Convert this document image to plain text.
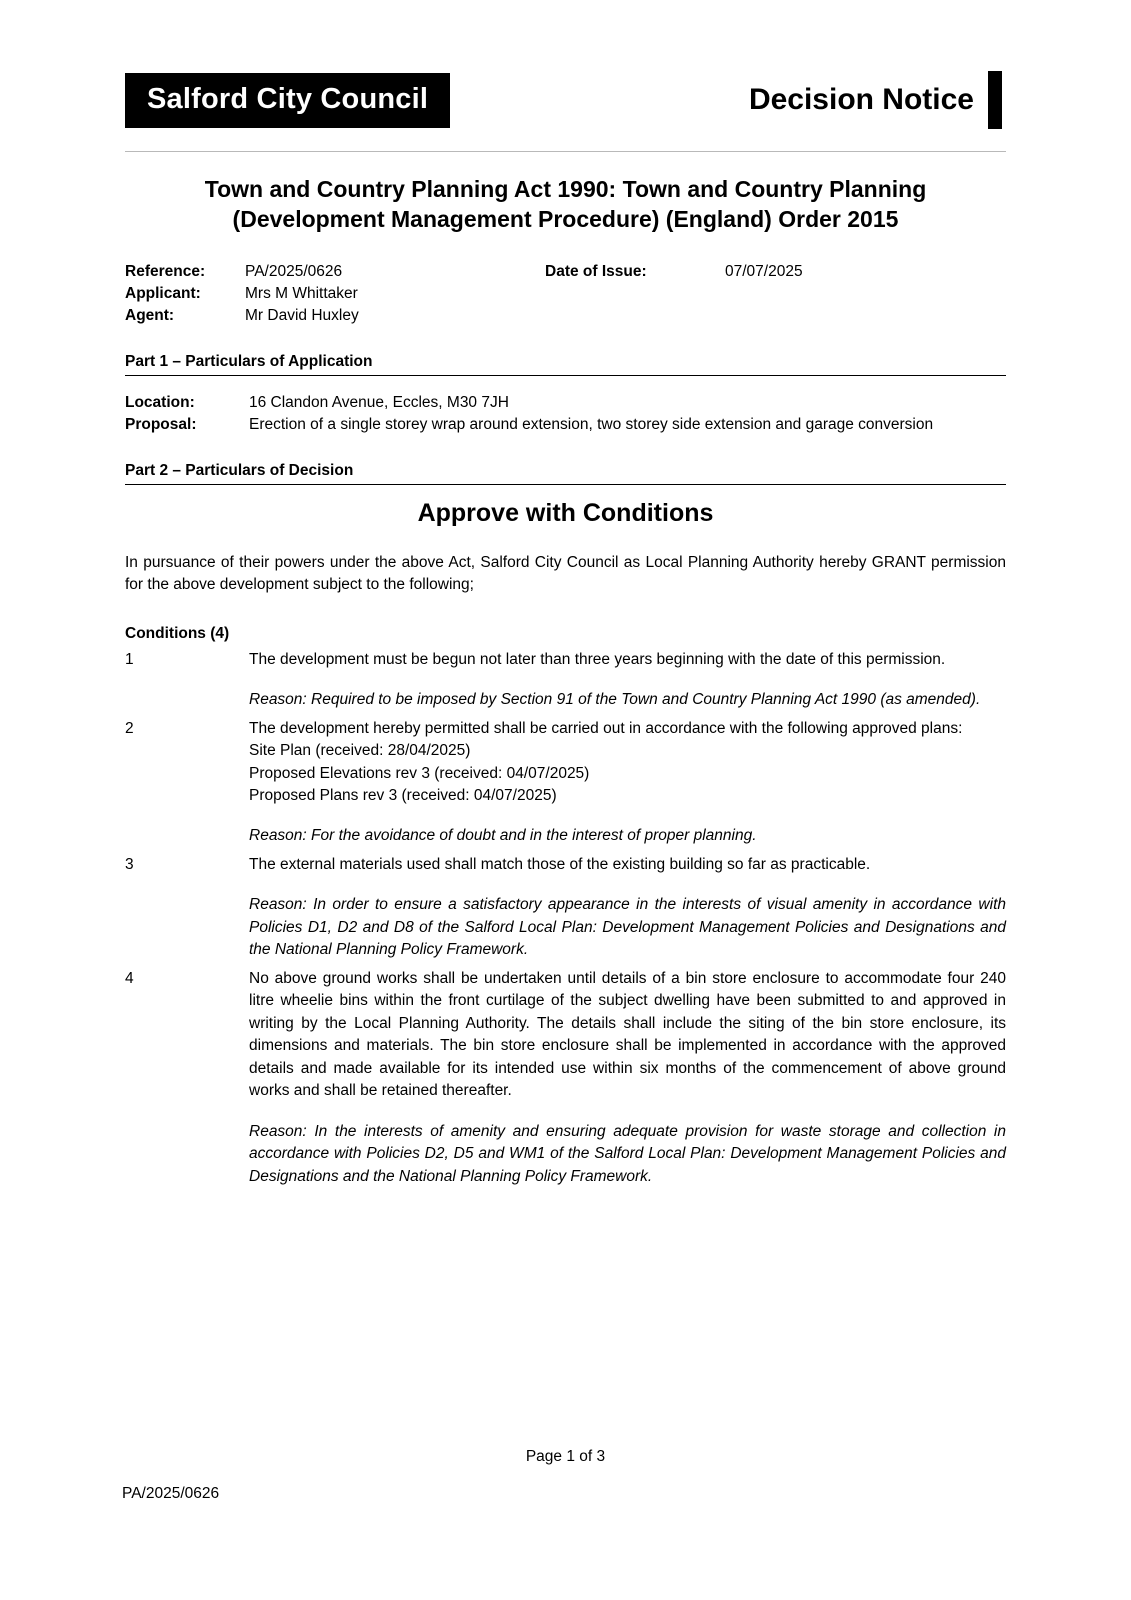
Salford City Council	Decision Notice
Town and Country Planning Act 1990: Town and Country Planning (Development Management Procedure) (England) Order 2015
Reference:	PA/2025/0626	Date of Issue:	07/07/2025
Applicant:	Mrs M Whittaker
Agent:	Mr David Huxley
Part 1 – Particulars of Application
Location:	16 Clandon Avenue, Eccles, M30 7JH
Proposal:	Erection of a single storey wrap around extension, two storey side extension and garage conversion
Part 2 – Particulars of Decision
Approve with Conditions
In pursuance of their powers under the above Act, Salford City Council as Local Planning Authority hereby GRANT permission for the above development subject to the following;
Conditions (4)
1	The development must be begun not later than three years beginning with the date of this permission.
Reason: Required to be imposed by Section 91 of the Town and Country Planning Act 1990 (as amended).
2	The development hereby permitted shall be carried out in accordance with the following approved plans:
Site Plan (received: 28/04/2025)
Proposed Elevations rev 3 (received: 04/07/2025)
Proposed Plans rev 3 (received: 04/07/2025)
Reason: For the avoidance of doubt and in the interest of proper planning.
3	The external materials used shall match those of the existing building so far as practicable.
Reason: In order to ensure a satisfactory appearance in the interests of visual amenity in accordance with Policies D1, D2 and D8 of the Salford Local Plan: Development Management Policies and Designations and the National Planning Policy Framework.
4	No above ground works shall be undertaken until details of a bin store enclosure to accommodate four 240 litre wheelie bins within the front curtilage of the subject dwelling have been submitted to and approved in writing by the Local Planning Authority. The details shall include the siting of the bin store enclosure, its dimensions and materials. The bin store enclosure shall be implemented in accordance with the approved details and made available for its intended use within six months of the commencement of above ground works and shall be retained thereafter.
Reason: In the interests of amenity and ensuring adequate provision for waste storage and collection in accordance with Policies D2, D5 and WM1 of the Salford Local Plan: Development Management Policies and Designations and the National Planning Policy Framework.
Page 1 of 3
PA/2025/0626
